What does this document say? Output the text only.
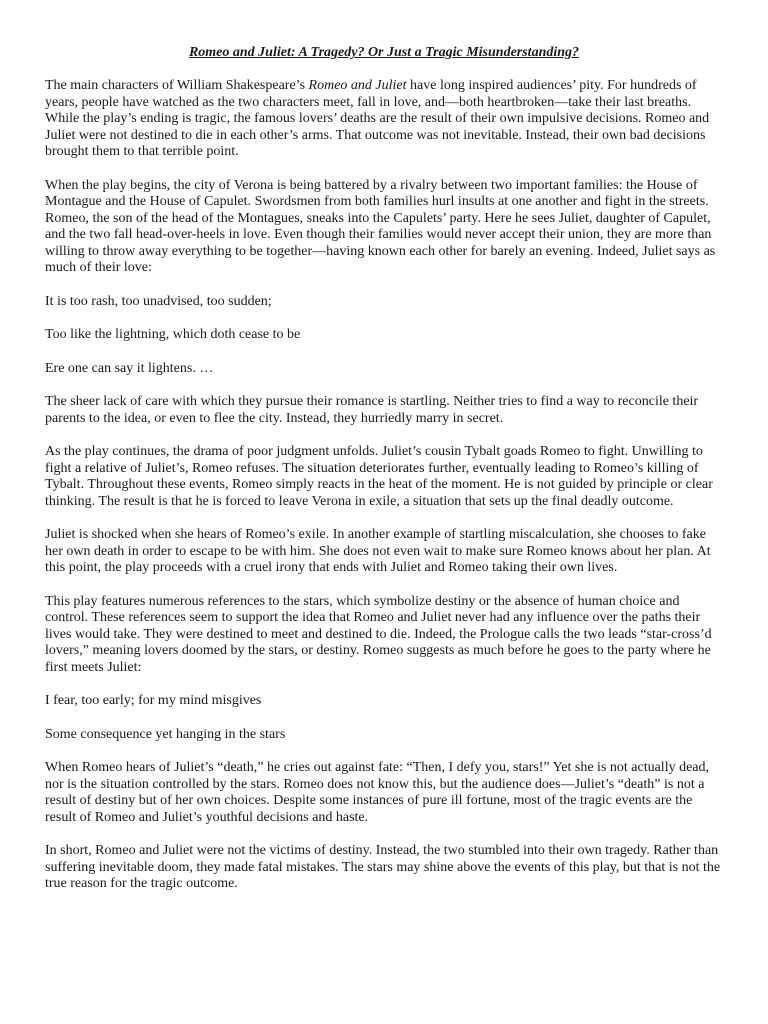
Romeo and Juliet: A Tragedy? Or Just a Tragic Misunderstanding?

The main characters of William Shakespeare’s Romeo and Juliet have long inspired audiences’ pity. For hundreds of years, people have watched as the two characters meet, fall in love, and—both heartbroken—take their last breaths. While the play’s ending is tragic, the famous lovers’ deaths are the result of their own impulsive decisions. Romeo and Juliet were not destined to die in each other’s arms. That outcome was not inevitable. Instead, their own bad decisions brought them to that terrible point.

When the play begins, the city of Verona is being battered by a rivalry between two important families: the House of Montague and the House of Capulet. Swordsmen from both families hurl insults at one another and fight in the streets. Romeo, the son of the head of the Montagues, sneaks into the Capulets’ party. Here he sees Juliet, daughter of Capulet, and the two fall head-over-heels in love. Even though their families would never accept their union, they are more than willing to throw away everything to be together—having known each other for barely an evening. Indeed, Juliet says as much of their love:

It is too rash, too unadvised, too sudden;

Too like the lightning, which doth cease to be

Ere one can say it lightens. …

The sheer lack of care with which they pursue their romance is startling. Neither tries to find a way to reconcile their parents to the idea, or even to flee the city. Instead, they hurriedly marry in secret.

As the play continues, the drama of poor judgment unfolds. Juliet’s cousin Tybalt goads Romeo to fight. Unwilling to fight a relative of Juliet’s, Romeo refuses. The situation deteriorates further, eventually leading to Romeo’s killing of Tybalt. Throughout these events, Romeo simply reacts in the heat of the moment. He is not guided by principle or clear thinking. The result is that he is forced to leave Verona in exile, a situation that sets up the final deadly outcome.

Juliet is shocked when she hears of Romeo’s exile. In another example of startling miscalculation, she chooses to fake her own death in order to escape to be with him. She does not even wait to make sure Romeo knows about her plan. At this point, the play proceeds with a cruel irony that ends with Juliet and Romeo taking their own lives.

This play features numerous references to the stars, which symbolize destiny or the absence of human choice and control. These references seem to support the idea that Romeo and Juliet never had any influence over the paths their lives would take. They were destined to meet and destined to die. Indeed, the Prologue calls the two leads “star-cross’d lovers,” meaning lovers doomed by the stars, or destiny. Romeo suggests as much before he goes to the party where he first meets Juliet:

I fear, too early; for my mind misgives

Some consequence yet hanging in the stars

When Romeo hears of Juliet’s “death,” he cries out against fate: “Then, I defy you, stars!” Yet she is not actually dead, nor is the situation controlled by the stars. Romeo does not know this, but the audience does—Juliet’s “death” is not a result of destiny but of her own choices. Despite some instances of pure ill fortune, most of the tragic events are the result of Romeo and Juliet’s youthful decisions and haste.

In short, Romeo and Juliet were not the victims of destiny. Instead, the two stumbled into their own tragedy. Rather than suffering inevitable doom, they made fatal mistakes. The stars may shine above the events of this play, but that is not the true reason for the tragic outcome.
